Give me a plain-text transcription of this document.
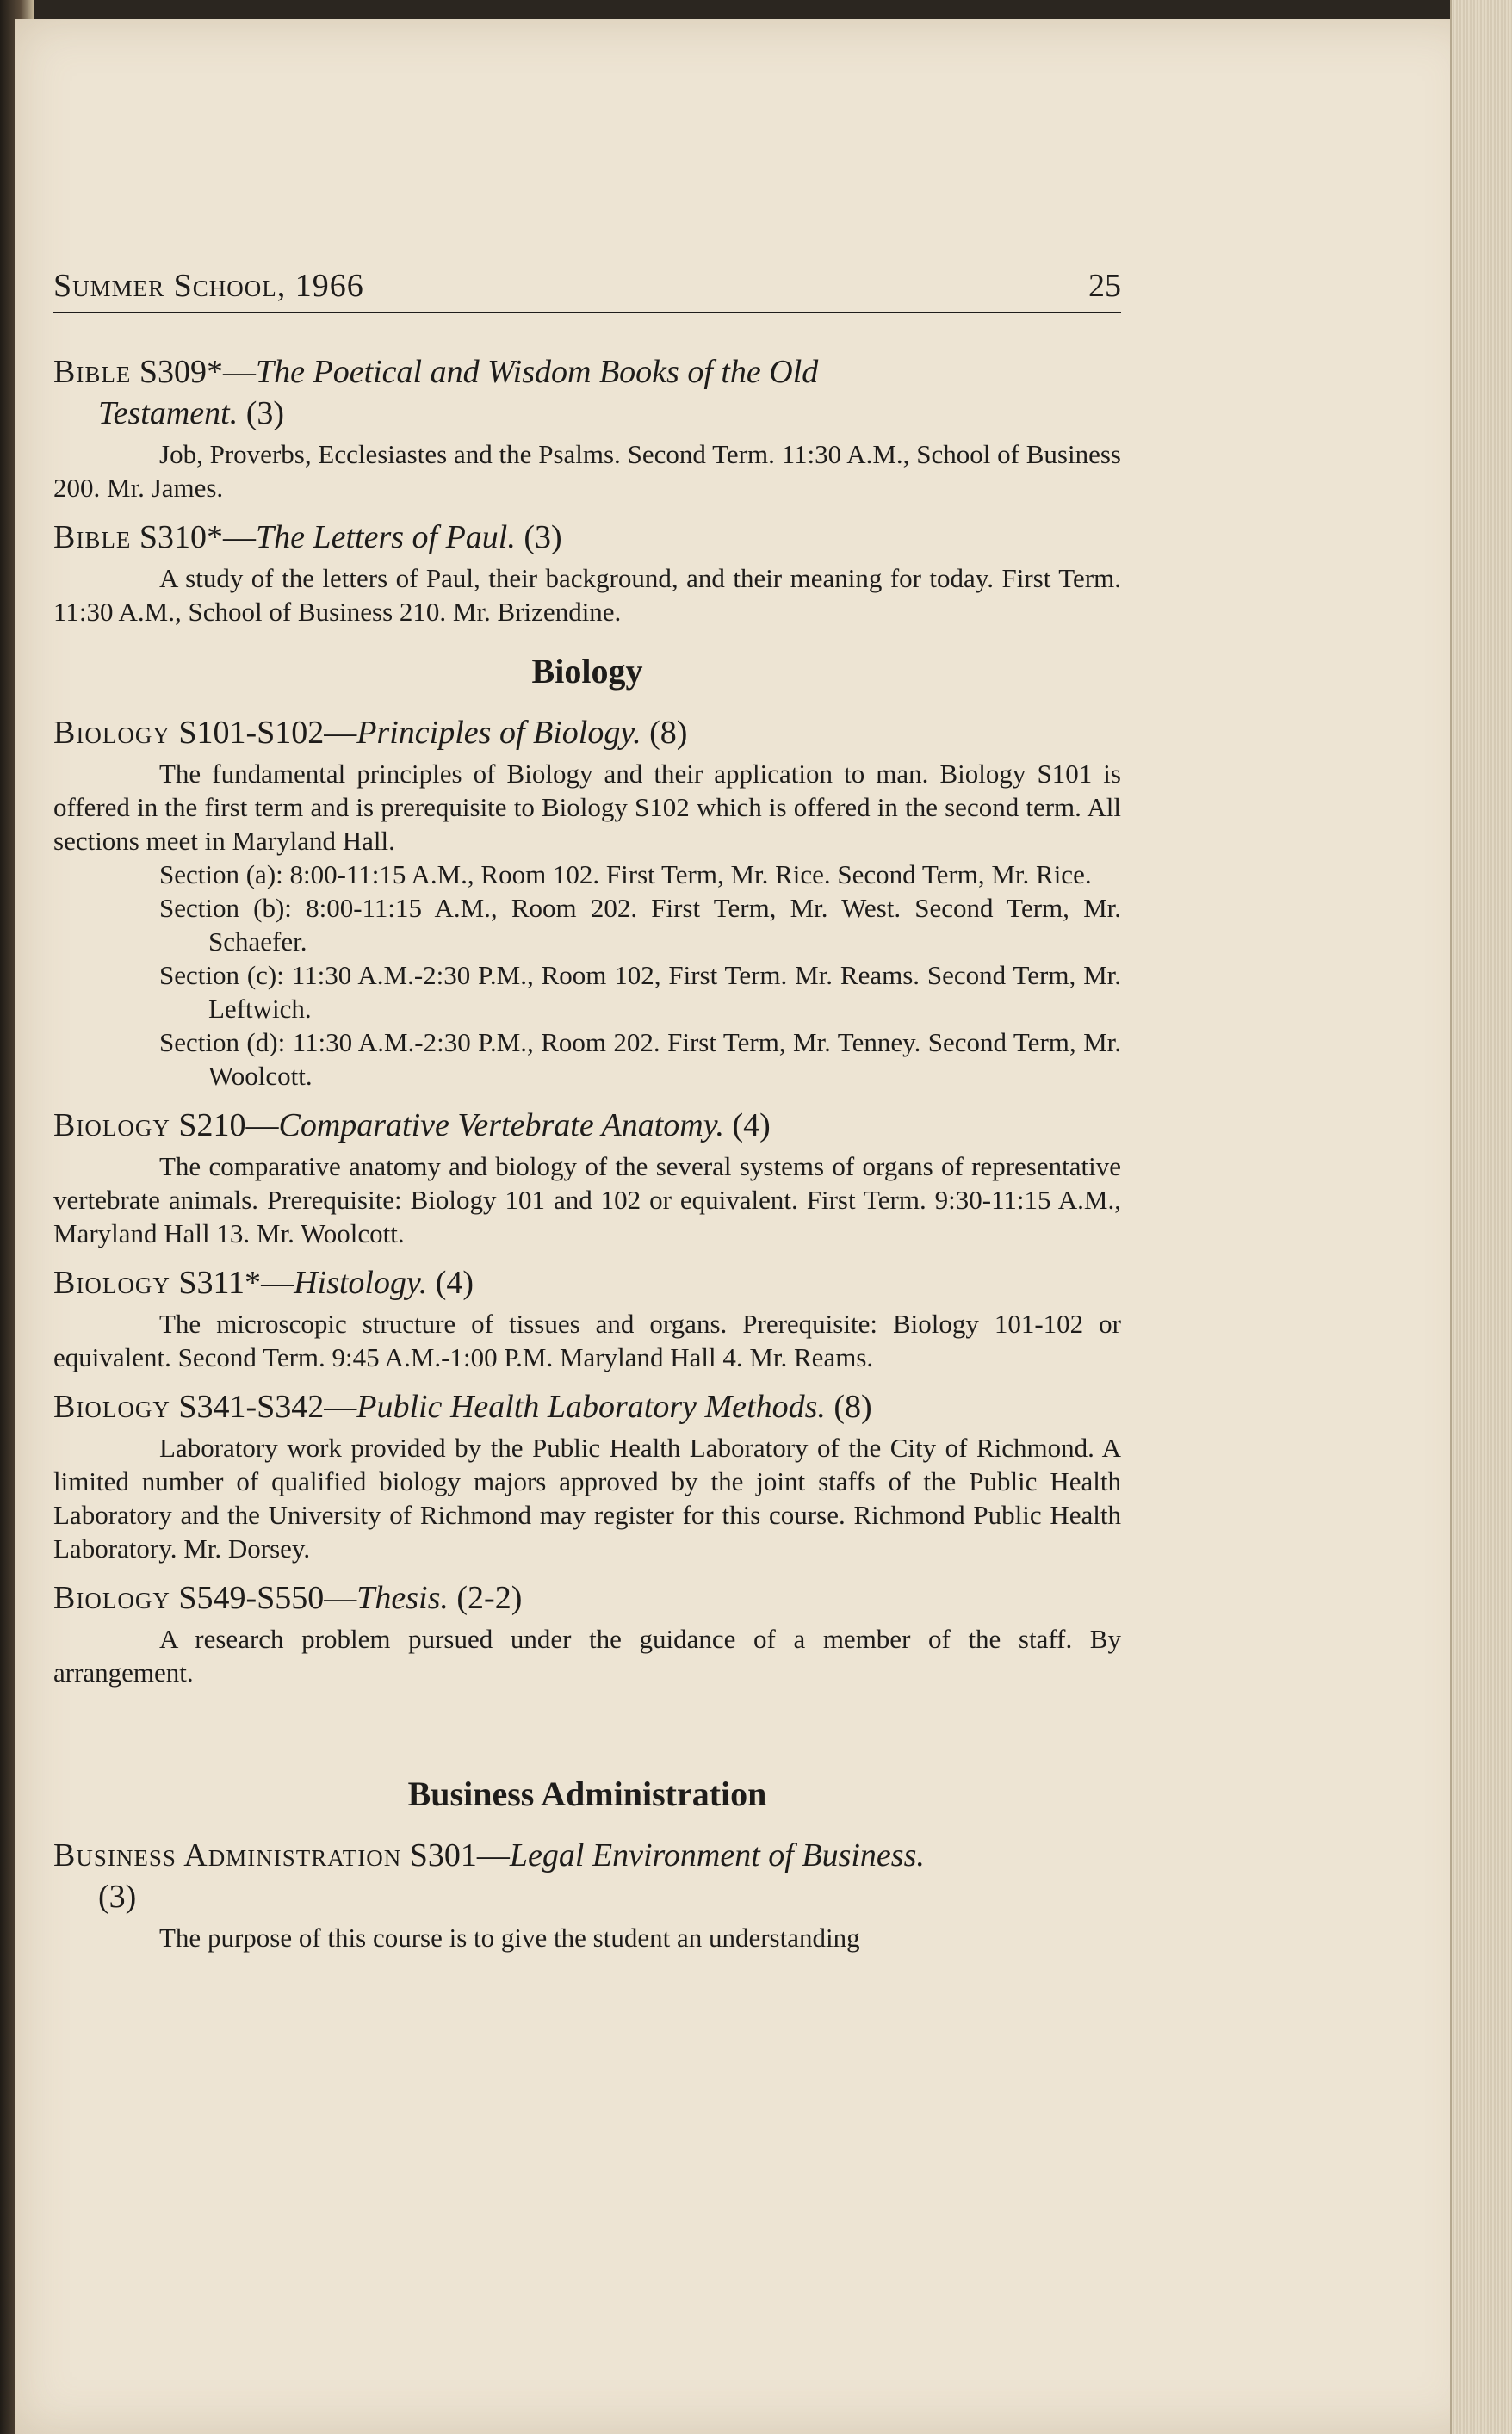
Summer School, 1966	25
Bible S309*—The Poetical and Wisdom Books of the Old
Testament. (3)

Job, Proverbs, Ecclesiastes and the Psalms. Second Term. 11:30 A.M., School of Business 200. Mr. James.

Bible S310*—The Letters of Paul. (3)

A study of the letters of Paul, their background, and their meaning for today. First Term. 11:30 A.M., School of Business 210. Mr. Brizendine.

Biology
Biology S101-S102—Principles of Biology. (8)

The fundamental principles of Biology and their application to man. Biology S101 is offered in the first term and is prerequisite to Biology S102 which is offered in the second term. All sections meet in Maryland Hall.

Section (a): 8:00-11:15 A.M., Room 102. First Term, Mr. Rice. Second Term, Mr. Rice.

Section (b): 8:00-11:15 A.M., Room 202. First Term, Mr. West. Second Term, Mr. Schaefer.

Section (c): 11:30 A.M.-2:30 P.M., Room 102, First Term. Mr. Reams. Second Term, Mr. Leftwich.

Section (d): 11:30 A.M.-2:30 P.M., Room 202. First Term, Mr. Tenney. Second Term, Mr. Woolcott.

Biology S210—Comparative Vertebrate Anatomy. (4)

The comparative anatomy and biology of the several systems of organs of representative vertebrate animals. Prerequisite: Biology 101 and 102 or equivalent. First Term. 9:30-11:15 A.M., Maryland Hall 13. Mr. Woolcott.

Biology S311*—Histology. (4)

The microscopic structure of tissues and organs. Prerequisite: Biology 101-102 or equivalent. Second Term. 9:45 A.M.-1:00 P.M. Maryland Hall 4. Mr. Reams.

Biology S341-S342—Public Health Laboratory Methods. (8)

Laboratory work provided by the Public Health Laboratory of the City of Richmond. A limited number of qualified biology majors approved by the joint staffs of the Public Health Laboratory and the University of Richmond may register for this course. Richmond Public Health Laboratory. Mr. Dorsey.

Biology S549-S550—Thesis. (2-2)

A research problem pursued under the guidance of a member of the staff. By arrangement.

Business Administration
Business Administration S301—Legal Environment of Business.
(3)

The purpose of this course is to give the student an understanding
